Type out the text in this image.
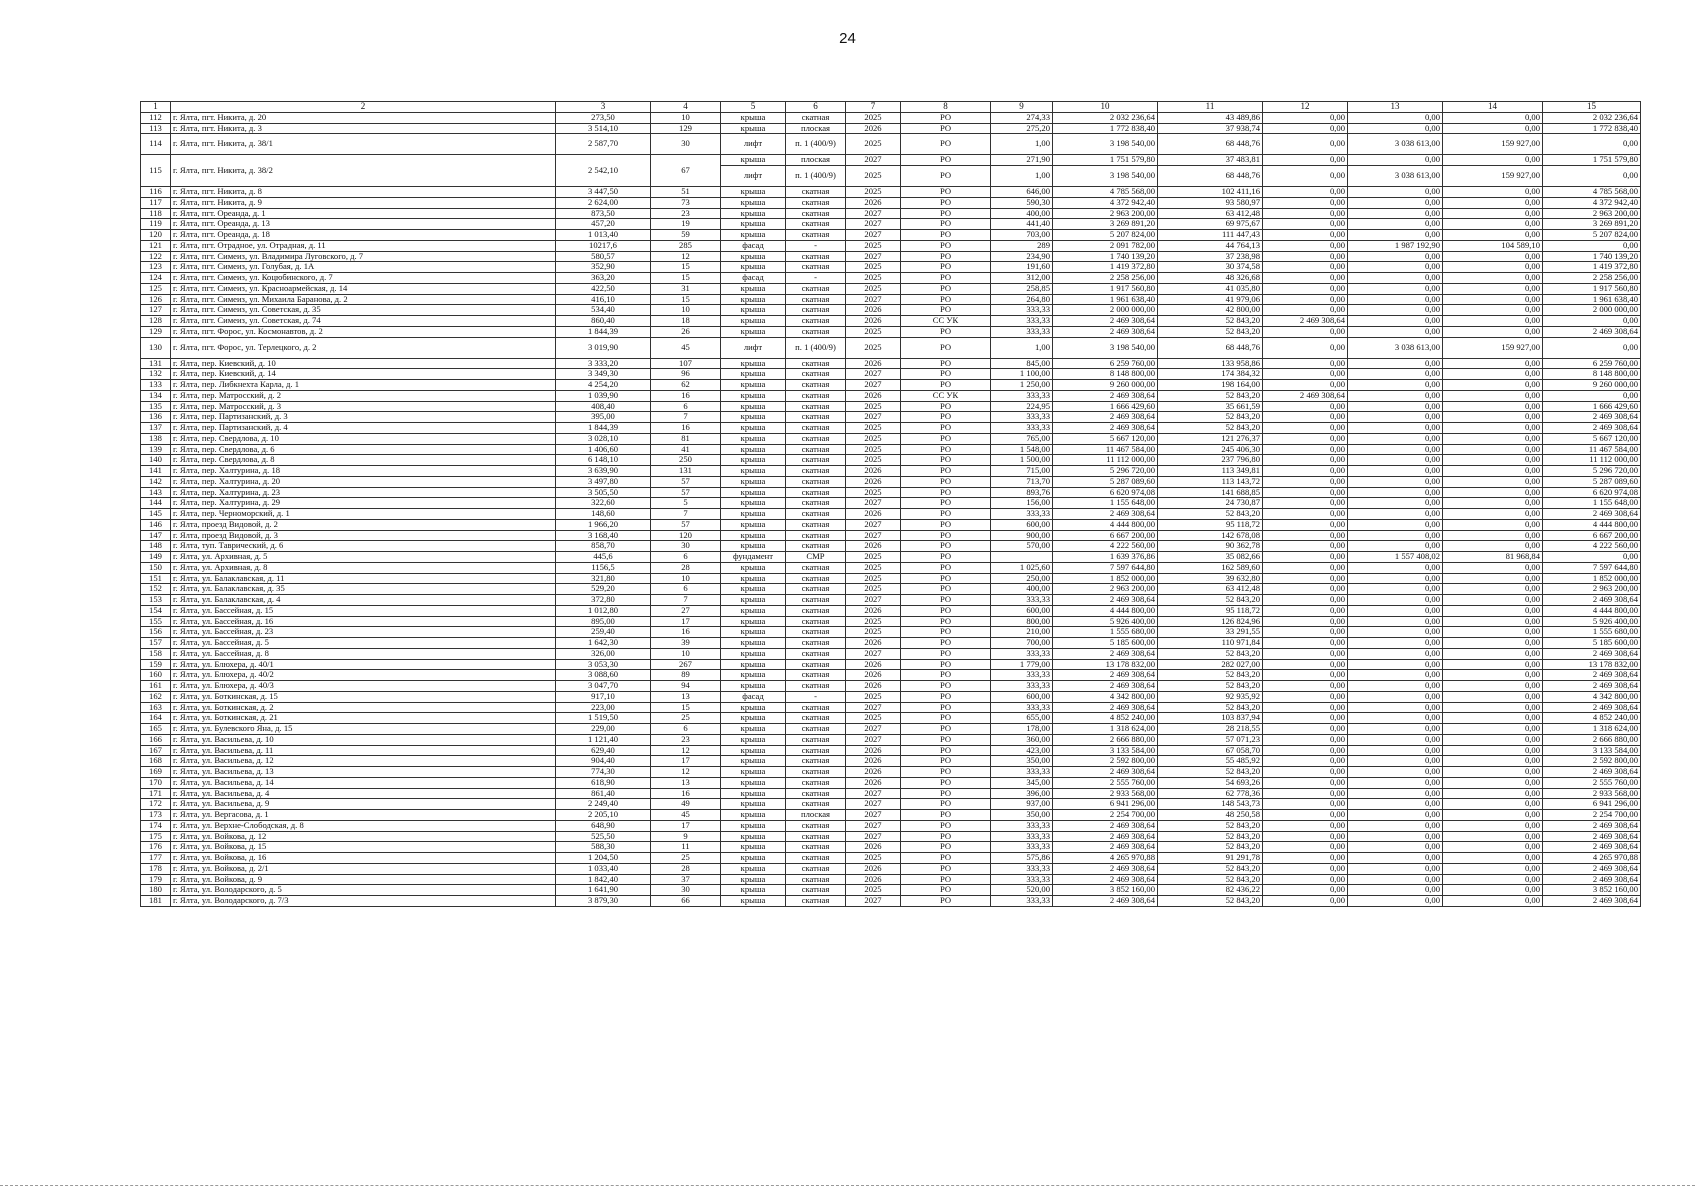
24
1	2	3	4	5	6	7	8	9	10	11	12	13	14	15
112	г. Ялта, пгт. Никита, д. 20	273,50	10	крыша	скатная	2025	РО	274,33	2 032 236,64	43 489,86	0,00	0,00	0,00	2 032 236,64
113	г. Ялта, пгт. Никита, д. 3	3 514,10	129	крыша	плоская	2026	РО	275,20	1 772 838,40	37 938,74	0,00	0,00	0,00	1 772 838,40
114	г. Ялта, пгт. Никита, д. 38/1	2 587,70	30	лифт	п. 1 (400/9)	2025	РО	1,00	3 198 540,00	68 448,76	0,00	3 038 613,00	159 927,00	0,00
115	г. Ялта, пгт. Никита, д. 38/2	2 542,10	67	крыша	плоская	2027	РО	271,90	1 751 579,80	37 483,81	0,00	0,00	0,00	1 751 579,80
				лифт	п. 1 (400/9)	2025	РО	1,00	3 198 540,00	68 448,76	0,00	3 038 613,00	159 927,00	0,00
116	г. Ялта, пгт. Никита, д. 8	3 447,50	51	крыша	скатная	2025	РО	646,00	4 785 568,00	102 411,16	0,00	0,00	0,00	4 785 568,00
117	г. Ялта, пгт. Никита, д. 9	2 624,00	73	крыша	скатная	2026	РО	590,30	4 372 942,40	93 580,97	0,00	0,00	0,00	4 372 942,40
118	г. Ялта, пгт. Ореанда, д. 1	873,50	23	крыша	скатная	2027	РО	400,00	2 963 200,00	63 412,48	0,00	0,00	0,00	2 963 200,00
119	г. Ялта, пгт. Ореанда, д. 13	457,20	19	крыша	скатная	2027	РО	441,40	3 269 891,20	69 975,67	0,00	0,00	0,00	3 269 891,20
120	г. Ялта, пгт. Ореанда, д. 18	1 013,40	59	крыша	скатная	2027	РО	703,00	5 207 824,00	111 447,43	0,00	0,00	0,00	5 207 824,00
121	г. Ялта, пгт. Отрадное, ул. Отрадная, д. 11	10217,6	285	фасад	-	2025	РО	289	2 091 782,00	44 764,13	0,00	1 987 192,90	104 589,10	0,00
122	г. Ялта, пгт. Симеиз, ул. Владимира Луговского, д. 7	580,57	12	крыша	скатная	2027	РО	234,90	1 740 139,20	37 238,98	0,00	0,00	0,00	1 740 139,20
123	г. Ялта, пгт. Симеиз, ул. Голубая, д. 1А	352,90	15	крыша	скатная	2025	РО	191,60	1 419 372,80	30 374,58	0,00	0,00	0,00	1 419 372,80
124	г. Ялта, пгт. Симеиз, ул. Коцюбинского, д. 7	363,20	15	фасад	-	2025	РО	312,00	2 258 256,00	48 326,68	0,00	0,00	0,00	2 258 256,00
125	г. Ялта, пгт. Симеиз, ул. Красноармейская, д. 14	422,50	31	крыша	скатная	2025	РО	258,85	1 917 560,80	41 035,80	0,00	0,00	0,00	1 917 560,80
126	г. Ялта, пгт. Симеиз, ул. Михаила Баранова, д. 2	416,10	15	крыша	скатная	2027	РО	264,80	1 961 638,40	41 979,06	0,00	0,00	0,00	1 961 638,40
127	г. Ялта, пгт. Симеиз, ул. Советская, д. 35	534,40	10	крыша	скатная	2026	РО	333,33	2 000 000,00	42 800,00	0,00	0,00	0,00	2 000 000,00
128	г. Ялта, пгт. Симеиз, ул. Советская, д. 74	860,40	18	крыша	скатная	2026	СС УК	333,33	2 469 308,64	52 843,20	2 469 308,64	0,00	0,00	0,00
129	г. Ялта, пгт. Форос, ул. Космонавтов, д. 2	1 844,39	26	крыша	скатная	2025	РО	333,33	2 469 308,64	52 843,20	0,00	0,00	0,00	2 469 308,64
130	г. Ялта, пгт. Форос, ул. Терлецкого, д. 2	3 019,90	45	лифт	п. 1 (400/9)	2025	РО	1,00	3 198 540,00	68 448,76	0,00	3 038 613,00	159 927,00	0,00
131	г. Ялта, пер. Киевский, д. 10	3 333,20	107	крыша	скатная	2026	РО	845,00	6 259 760,00	133 958,86	0,00	0,00	0,00	6 259 760,00
132	г. Ялта, пер. Киевский, д. 14	3 349,30	96	крыша	скатная	2027	РО	1 100,00	8 148 800,00	174 384,32	0,00	0,00	0,00	8 148 800,00
133	г. Ялта, пер. Либкнехта Карла, д. 1	4 254,20	62	крыша	скатная	2027	РО	1 250,00	9 260 000,00	198 164,00	0,00	0,00	0,00	9 260 000,00
134	г. Ялта, пер. Матросский, д. 2	1 039,90	16	крыша	скатная	2026	СС УК	333,33	2 469 308,64	52 843,20	2 469 308,64	0,00	0,00	0,00
135	г. Ялта, пер. Матросский, д. 3	408,40	6	крыша	скатная	2025	РО	224,95	1 666 429,60	35 661,59	0,00	0,00	0,00	1 666 429,60
136	г. Ялта, пер. Партизанский, д. 3	395,00	7	крыша	скатная	2027	РО	333,33	2 469 308,64	52 843,20	0,00	0,00	0,00	2 469 308,64
137	г. Ялта, пер. Партизанский, д. 4	1 844,39	16	крыша	скатная	2025	РО	333,33	2 469 308,64	52 843,20	0,00	0,00	0,00	2 469 308,64
138	г. Ялта, пер. Свердлова, д. 10	3 028,10	81	крыша	скатная	2025	РО	765,00	5 667 120,00	121 276,37	0,00	0,00	0,00	5 667 120,00
139	г. Ялта, пер. Свердлова, д. 6	1 406,60	41	крыша	скатная	2025	РО	1 548,00	11 467 584,00	245 406,30	0,00	0,00	0,00	11 467 584,00
140	г. Ялта, пер. Свердлова, д. 8	6 148,10	250	крыша	скатная	2025	РО	1 500,00	11 112 000,00	237 796,80	0,00	0,00	0,00	11 112 000,00
141	г. Ялта, пер. Халтурина, д. 18	3 639,90	131	крыша	скатная	2026	РО	715,00	5 296 720,00	113 349,81	0,00	0,00	0,00	5 296 720,00
142	г. Ялта, пер. Халтурина, д. 20	3 497,80	57	крыша	скатная	2026	РО	713,70	5 287 089,60	113 143,72	0,00	0,00	0,00	5 287 089,60
143	г. Ялта, пер. Халтурина, д. 23	3 505,50	57	крыша	скатная	2025	РО	893,76	6 620 974,08	141 688,85	0,00	0,00	0,00	6 620 974,08
144	г. Ялта, пер. Халтурина, д. 29	322,60	5	крыша	скатная	2027	РО	156,00	1 155 648,00	24 730,87	0,00	0,00	0,00	1 155 648,00
145	г. Ялта, пер. Черноморский, д. 1	148,60	7	крыша	скатная	2026	РО	333,33	2 469 308,64	52 843,20	0,00	0,00	0,00	2 469 308,64
146	г. Ялта, проезд Видовой, д. 2	1 966,20	57	крыша	скатная	2027	РО	600,00	4 444 800,00	95 118,72	0,00	0,00	0,00	4 444 800,00
147	г. Ялта, проезд Видовой, д. 3	3 168,40	120	крыша	скатная	2027	РО	900,00	6 667 200,00	142 678,08	0,00	0,00	0,00	6 667 200,00
148	г. Ялта, туп. Таврический, д. 6	858,70	30	крыша	скатная	2026	РО	570,00	4 222 560,00	90 362,78	0,00	0,00	0,00	4 222 560,00
149	г. Ялта, ул. Архивная, д. 5	445,6	6	фундамент	СМР	2025	РО		1 639 376,86	35 082,66	0,00	1 557 408,02	81 968,84	0,00
150	г. Ялта, ул. Архивная, д. 8	1156,5	28	крыша	скатная	2025	РО	1 025,60	7 597 644,80	162 589,60	0,00	0,00	0,00	7 597 644,80
151	г. Ялта, ул. Балаклавская, д. 11	321,80	10	крыша	скатная	2025	РО	250,00	1 852 000,00	39 632,80	0,00	0,00	0,00	1 852 000,00
152	г. Ялта, ул. Балаклавская, д. 35	529,20	6	крыша	скатная	2025	РО	400,00	2 963 200,00	63 412,48	0,00	0,00	0,00	2 963 200,00
153	г. Ялта, ул. Балаклавская, д. 4	372,80	7	крыша	скатная	2027	РО	333,33	2 469 308,64	52 843,20	0,00	0,00	0,00	2 469 308,64
154	г. Ялта, ул. Бассейная, д. 15	1 012,80	27	крыша	скатная	2026	РО	600,00	4 444 800,00	95 118,72	0,00	0,00	0,00	4 444 800,00
155	г. Ялта, ул. Бассейная, д. 16	895,00	17	крыша	скатная	2025	РО	800,00	5 926 400,00	126 824,96	0,00	0,00	0,00	5 926 400,00
156	г. Ялта, ул. Бассейная, д. 23	259,40	16	крыша	скатная	2025	РО	210,00	1 555 680,00	33 291,55	0,00	0,00	0,00	1 555 680,00
157	г. Ялта, ул. Бассейная, д. 5	1 642,30	39	крыша	скатная	2026	РО	700,00	5 185 600,00	110 971,84	0,00	0,00	0,00	5 185 600,00
158	г. Ялта, ул. Бассейная, д. 8	326,00	10	крыша	скатная	2027	РО	333,33	2 469 308,64	52 843,20	0,00	0,00	0,00	2 469 308,64
159	г. Ялта, ул. Блюхера, д. 40/1	3 053,30	267	крыша	скатная	2026	РО	1 779,00	13 178 832,00	282 027,00	0,00	0,00	0,00	13 178 832,00
160	г. Ялта, ул. Блюхера, д. 40/2	3 088,60	89	крыша	скатная	2026	РО	333,33	2 469 308,64	52 843,20	0,00	0,00	0,00	2 469 308,64
161	г. Ялта, ул. Блюхера, д. 40/3	3 047,70	94	крыша	скатная	2026	РО	333,33	2 469 308,64	52 843,20	0,00	0,00	0,00	2 469 308,64
162	г. Ялта, ул. Боткинская, д. 15	917,10	13	фасад	-	2025	РО	600,00	4 342 800,00	92 935,92	0,00	0,00	0,00	4 342 800,00
163	г. Ялта, ул. Боткинская, д. 2	223,00	15	крыша	скатная	2027	РО	333,33	2 469 308,64	52 843,20	0,00	0,00	0,00	2 469 308,64
164	г. Ялта, ул. Боткинская, д. 21	1 519,50	25	крыша	скатная	2025	РО	655,00	4 852 240,00	103 837,94	0,00	0,00	0,00	4 852 240,00
165	г. Ялта, ул. Булевского Яна, д. 15	229,00	6	крыша	скатная	2027	РО	178,00	1 318 624,00	28 218,55	0,00	0,00	0,00	1 318 624,00
166	г. Ялта, ул. Васильева, д. 10	1 121,40	23	крыша	скатная	2027	РО	360,00	2 666 880,00	57 071,23	0,00	0,00	0,00	2 666 880,00
167	г. Ялта, ул. Васильева, д. 11	629,40	12	крыша	скатная	2026	РО	423,00	3 133 584,00	67 058,70	0,00	0,00	0,00	3 133 584,00
168	г. Ялта, ул. Васильева, д. 12	904,40	17	крыша	скатная	2026	РО	350,00	2 592 800,00	55 485,92	0,00	0,00	0,00	2 592 800,00
169	г. Ялта, ул. Васильева, д. 13	774,30	12	крыша	скатная	2026	РО	333,33	2 469 308,64	52 843,20	0,00	0,00	0,00	2 469 308,64
170	г. Ялта, ул. Васильева, д. 14	618,90	13	крыша	скатная	2026	РО	345,00	2 555 760,00	54 693,26	0,00	0,00	0,00	2 555 760,00
171	г. Ялта, ул. Васильева, д. 4	861,40	16	крыша	скатная	2027	РО	396,00	2 933 568,00	62 778,36	0,00	0,00	0,00	2 933 568,00
172	г. Ялта, ул. Васильева, д. 9	2 249,40	49	крыша	скатная	2027	РО	937,00	6 941 296,00	148 543,73	0,00	0,00	0,00	6 941 296,00
173	г. Ялта, ул. Вергасова, д. 1	2 205,10	45	крыша	плоская	2027	РО	350,00	2 254 700,00	48 250,58	0,00	0,00	0,00	2 254 700,00
174	г. Ялта, ул. Верхне-Слободская, д. 8	648,90	17	крыша	скатная	2027	РО	333,33	2 469 308,64	52 843,20	0,00	0,00	0,00	2 469 308,64
175	г. Ялта, ул. Войкова, д. 12	525,50	9	крыша	скатная	2027	РО	333,33	2 469 308,64	52 843,20	0,00	0,00	0,00	2 469 308,64
176	г. Ялта, ул. Войкова, д. 15	588,30	11	крыша	скатная	2026	РО	333,33	2 469 308,64	52 843,20	0,00	0,00	0,00	2 469 308,64
177	г. Ялта, ул. Войкова, д. 16	1 204,50	25	крыша	скатная	2025	РО	575,86	4 265 970,88	91 291,78	0,00	0,00	0,00	4 265 970,88
178	г. Ялта, ул. Войкова, д. 2/1	1 033,40	28	крыша	скатная	2026	РО	333,33	2 469 308,64	52 843,20	0,00	0,00	0,00	2 469 308,64
179	г. Ялта, ул. Войкова, д. 9	1 842,40	37	крыша	скатная	2026	РО	333,33	2 469 308,64	52 843,20	0,00	0,00	0,00	2 469 308,64
180	г. Ялта, ул. Володарского, д. 5	1 641,90	30	крыша	скатная	2025	РО	520,00	3 852 160,00	82 436,22	0,00	0,00	0,00	3 852 160,00
181	г. Ялта, ул. Володарского, д. 7/3	3 879,30	66	крыша	скатная	2027	РО	333,33	2 469 308,64	52 843,20	0,00	0,00	0,00	2 469 308,64
